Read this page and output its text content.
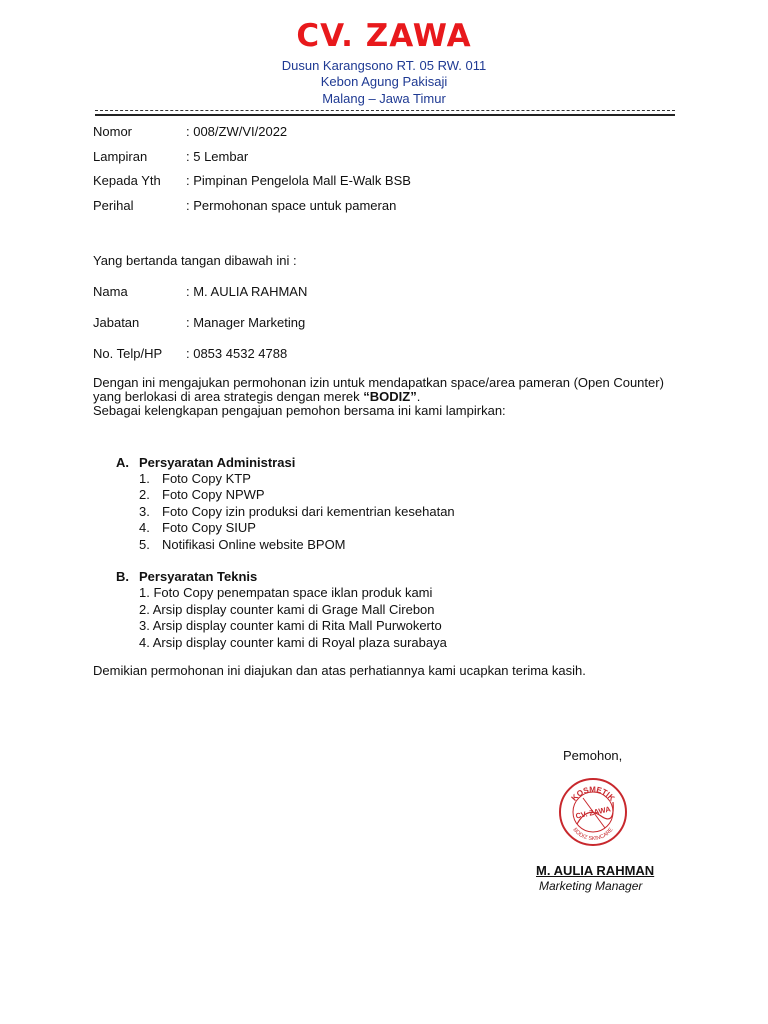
CV. ZAWA
Dusun Karangsono RT. 05 RW. 011
Kebon Agung Pakisaji
Malang – Jawa Timur
Nomor	: 008/ZW/VI/2022
Lampiran	: 5 Lembar
Kepada Yth : Pimpinan Pengelola Mall E-Walk BSB
Perihal	: Permohonan space untuk pameran
Yang bertanda tangan dibawah ini :
Nama	: M. AULIA RAHMAN
Jabatan	: Manager Marketing
No. Telp/HP : 0853 4532 4788
Dengan ini mengajukan permohonan izin untuk mendapatkan space/area pameran (Open Counter)
yang berlokasi di area strategis dengan merek “BODIZ”.
Sebagai kelengkapan pengajuan pemohon bersama ini kami lampirkan:
A. Persyaratan Administrasi
1. Foto Copy KTP
2. Foto Copy NPWP
3. Foto Copy izin produksi dari kementrian kesehatan
4. Foto Copy SIUP
5. Notifikasi Online website BPOM
B. Persyaratan Teknis
1. Foto Copy penempatan space iklan produk kami
2. Arsip display counter kami di Grage Mall Cirebon
3. Arsip display counter kami di Rita Mall Purwokerto
4. Arsip display counter kami di Royal plaza surabaya
Demikian permohonan ini diajukan dan atas perhatiannya kami ucapkan terima kasih.
Pemohon,
KOSMETIK
BODIZ SKINCARE
CV. ZAWA
M. AULIA RAHMAN
Marketing Manager
